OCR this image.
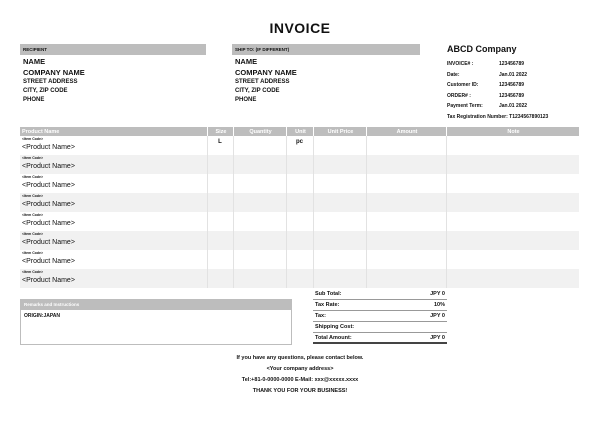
INVOICE
RECIPIENT
NAME
COMPANY NAME
STREET ADDRESS
CITY, ZIP CODE
PHONE
SHIP TO: (IF DIFFERENT)
NAME
COMPANY NAME
STREET ADDRESS
CITY, ZIP CODE
PHONE
ABCD Company
INVOICE# :	123456789
Date:	Jan.01 2022
Customer ID:	123456789
ORDER# :	123456789
Payment Term:	Jan.01 2022
Tax Registration Number: T1234567890123
Product Name	Size	Quantity	Unit	Unit Price	Amount	Note

<Item Code>
<Product Name>	L		pc			

<Item Code>
<Product Name>						

<Item Code>
<Product Name>						

<Item Code>
<Product Name>						

<Item Code>
<Product Name>						

<Item Code>
<Product Name>						

<Item Code>
<Product Name>						

<Item Code>
<Product Name>						

Remarks and Instructions
ORIGIN:JAPAN
Sub Total:	JPY 0
Tax Rate:	10%
Tax:	JPY 0
Shipping Cost:
Total Amount:	JPY 0
If you have any questions, please contact below.
<Your company address>
Tel:+81-0-0000-0000 E-Mail: xxx@xxxxx.xxxx
THANK YOU FOR YOUR BUSINESS!
